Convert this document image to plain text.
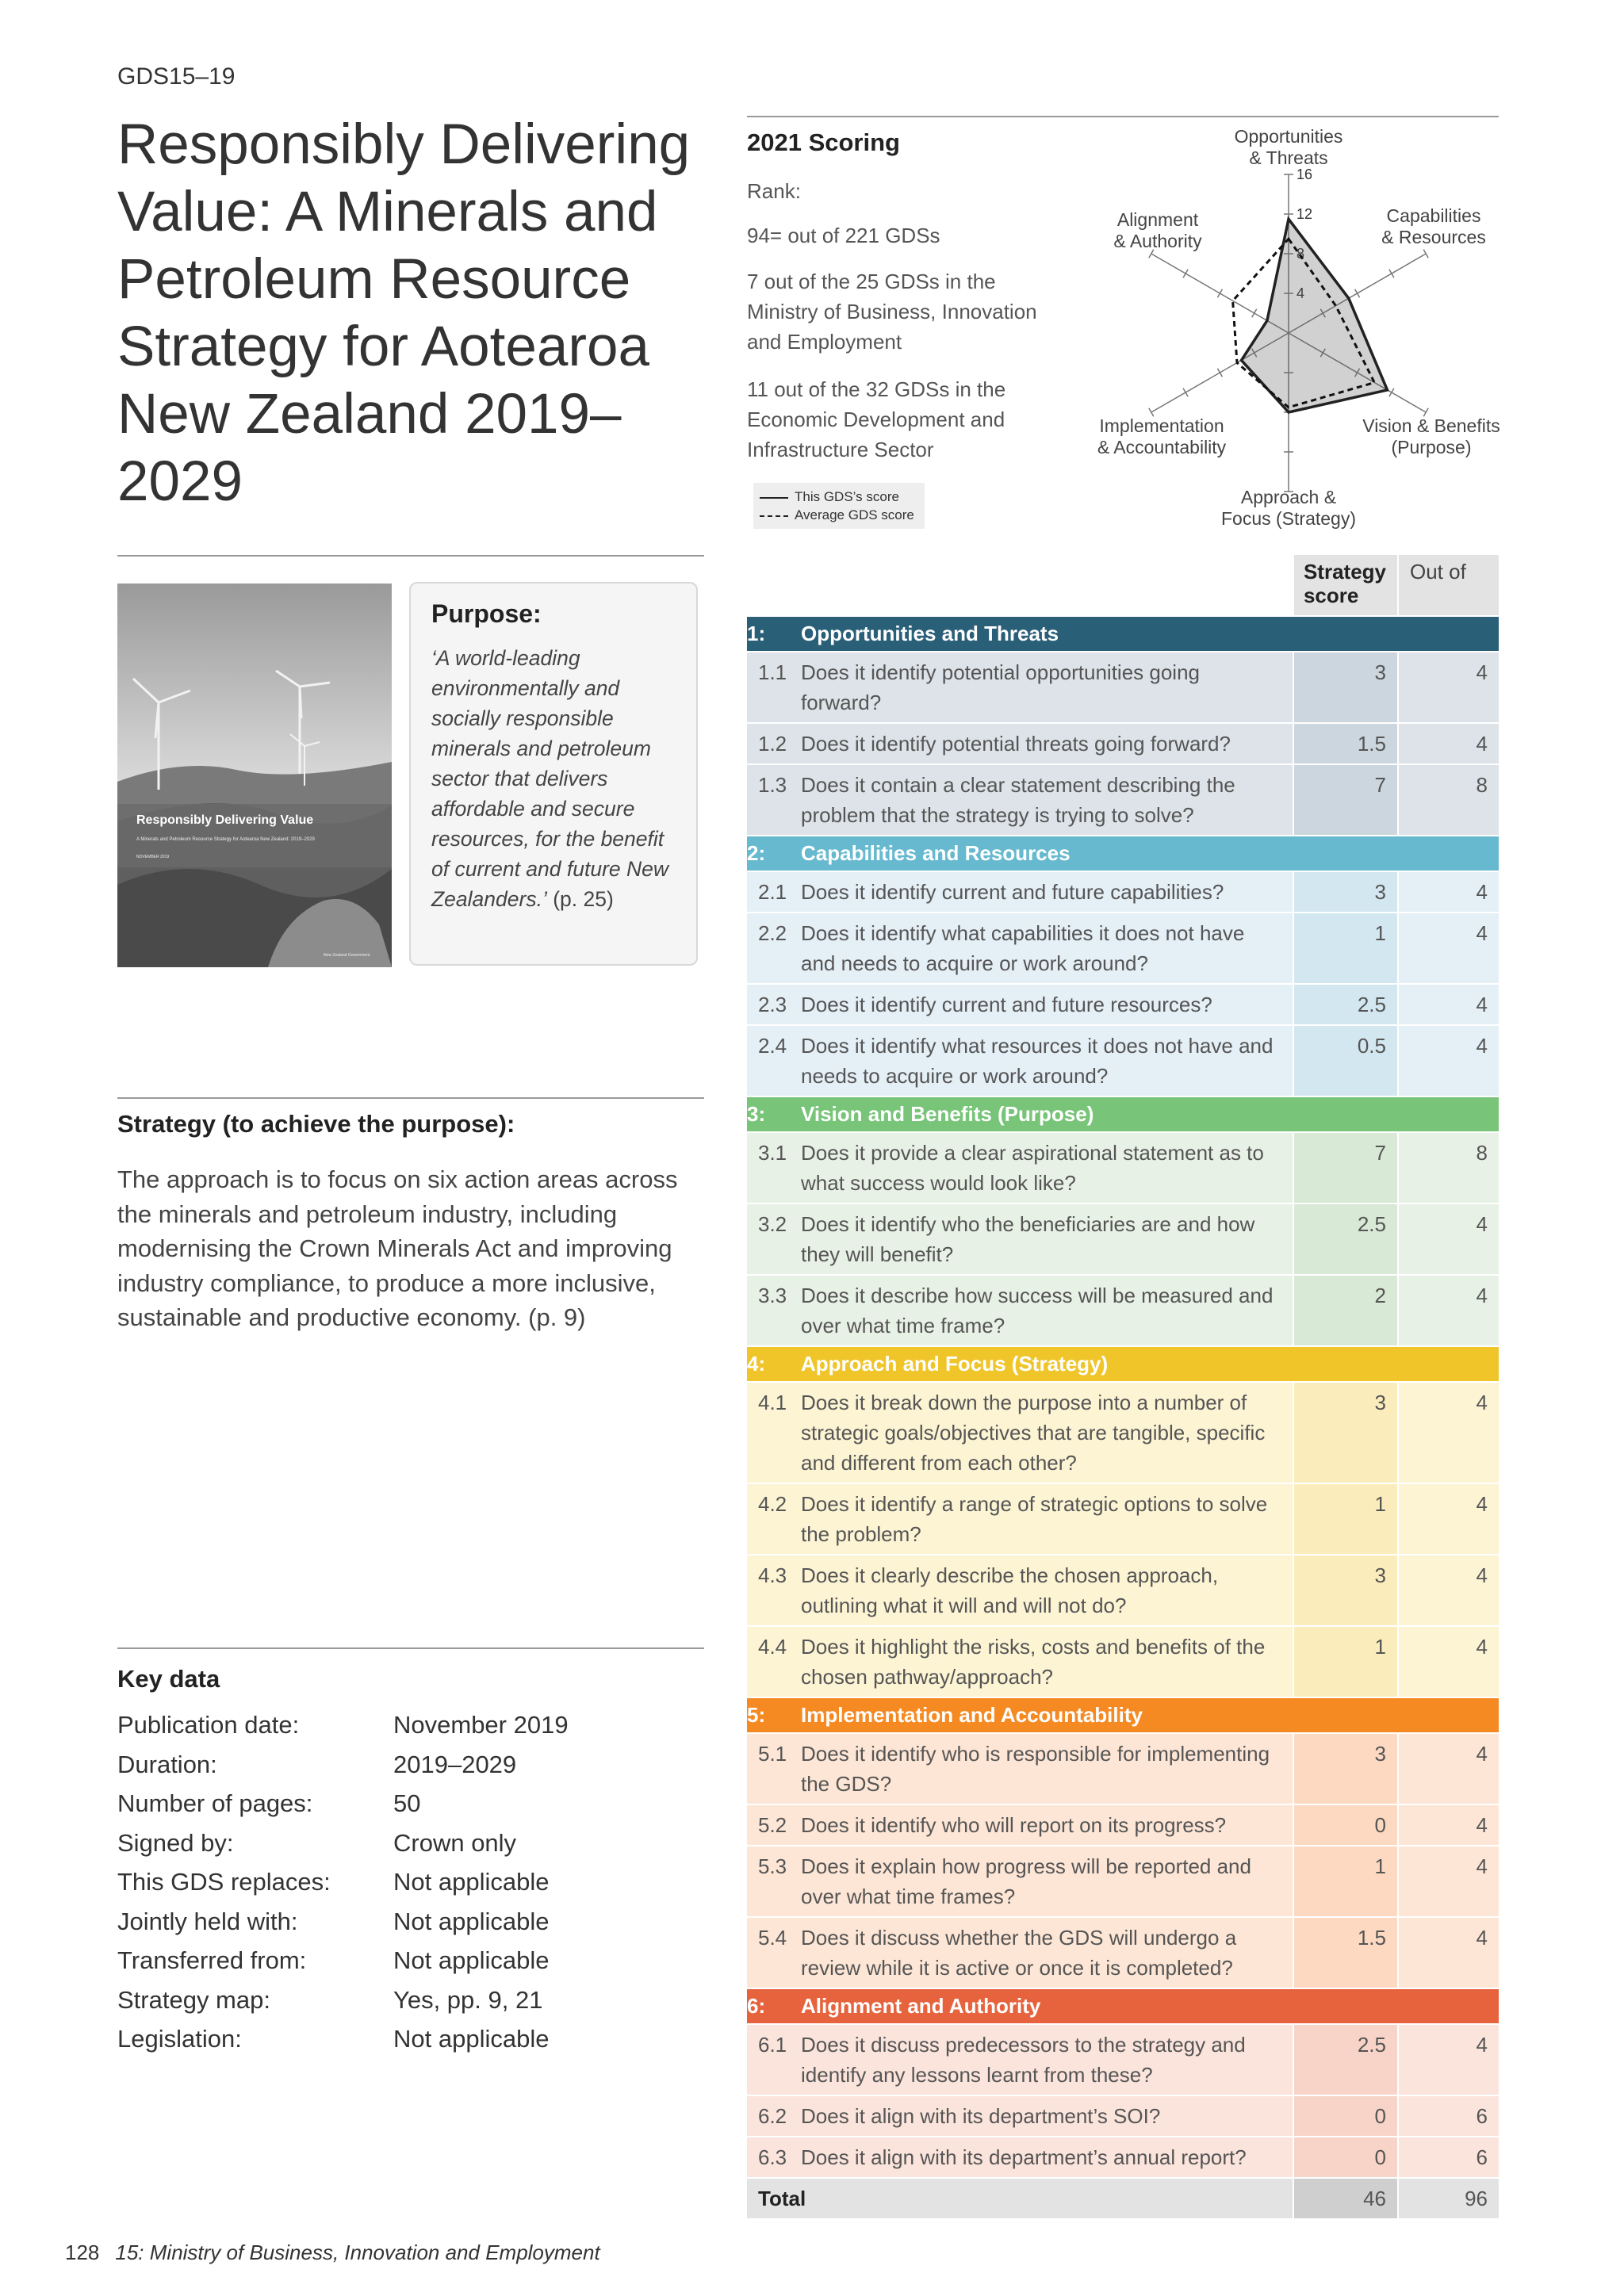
GDS15–19
Responsibly Delivering Value: A Minerals and Petroleum Resource Strategy for Aotearoa New Zealand 2019–2029
Responsibly Delivering Value
A Minerals and Petroleum Resource Strategy for Aotearoa New Zealand: 2019–2029
NOVEMBER 2019
New Zealand Government
Purpose:

‘A world-leading environmentally and socially responsible minerals and petroleum sector that delivers affordable and secure resources, for the benefit of current and future New Zealanders.’ (p. 25)

Strategy (to achieve the purpose):
The approach is to focus on six action areas across the minerals and petroleum industry, including modernising the Crown Minerals Act and improving industry compliance, to produce a more inclusive, sustainable and productive economy. (p. 9)
Key data
Publication date:	November 2019
Duration:	2019–2029
Number of pages:	50
Signed by:	Crown only
This GDS replaces:	Not applicable
Jointly held with:	Not applicable
Transferred from:	Not applicable
Strategy map:	Yes, pp. 9, 21
Legislation:	Not applicable
2021 Scoring
Rank:
94= out of 221 GDSs
7 out of the 25 GDSs in the Ministry of Business, Innovation and Employment
11 out of the 32 GDSs in the Economic Development and Infrastructure Sector
This GDS’s score
Average GDS score
12
16
Opportunities & Threats
Capabilities & Resources
Vision & Benefits (Purpose)
Approach & Focus (Strategy)
Implementation & Accountability
Alignment & Authority
		Strategy score	Out of
1:	Opportunities and Threats		
1.1	Does it identify potential opportunities going forward?	3	4
1.2	Does it identify potential threats going forward?	1.5	4
1.3	Does it contain a clear statement describing the problem that the strategy is trying to solve?	7	8
2:	Capabilities and Resources		
2.1	Does it identify current and future capabilities?	3	4
2.2	Does it identify what capabilities it does not have and needs to acquire or work around?	1	4
2.3	Does it identify current and future resources?	2.5	4
2.4	Does it identify what resources it does not have and needs to acquire or work around?	0.5	4
3:	Vision and Benefits (Purpose)		
3.1	Does it provide a clear aspirational statement as to what success would look like?	7	8
3.2	Does it identify who the beneficiaries are and how they will benefit?	2.5	4
3.3	Does it describe how success will be measured and over what time frame?	2	4
4:	Approach and Focus (Strategy)		
4.1	Does it break down the purpose into a number of strategic goals/objectives that are tangible, specific and different from each other?	3	4
4.2	Does it identify a range of strategic options to solve the problem?	1	4
4.3	Does it clearly describe the chosen approach, outlining what it will and will not do?	3	4
4.4	Does it highlight the risks, costs and benefits of the chosen pathway/approach?	1	4
5:	Implementation and Accountability		
5.1	Does it identify who is responsible for implementing the GDS?	3	4
5.2	Does it identify who will report on its progress?	0	4
5.3	Does it explain how progress will be reported and over what time frames?	1	4
5.4	Does it discuss whether the GDS will undergo a review while it is active or once it is completed?	1.5	4
6:	Alignment and Authority		
6.1	Does it discuss predecessors to the strategy and identify any lessons learnt from these?	2.5	4
6.2	Does it align with its department’s SOI?	0	6
6.3	Does it align with its department’s annual report?	0	6
Total		46	96
128 15: Ministry of Business, Innovation and Employment
